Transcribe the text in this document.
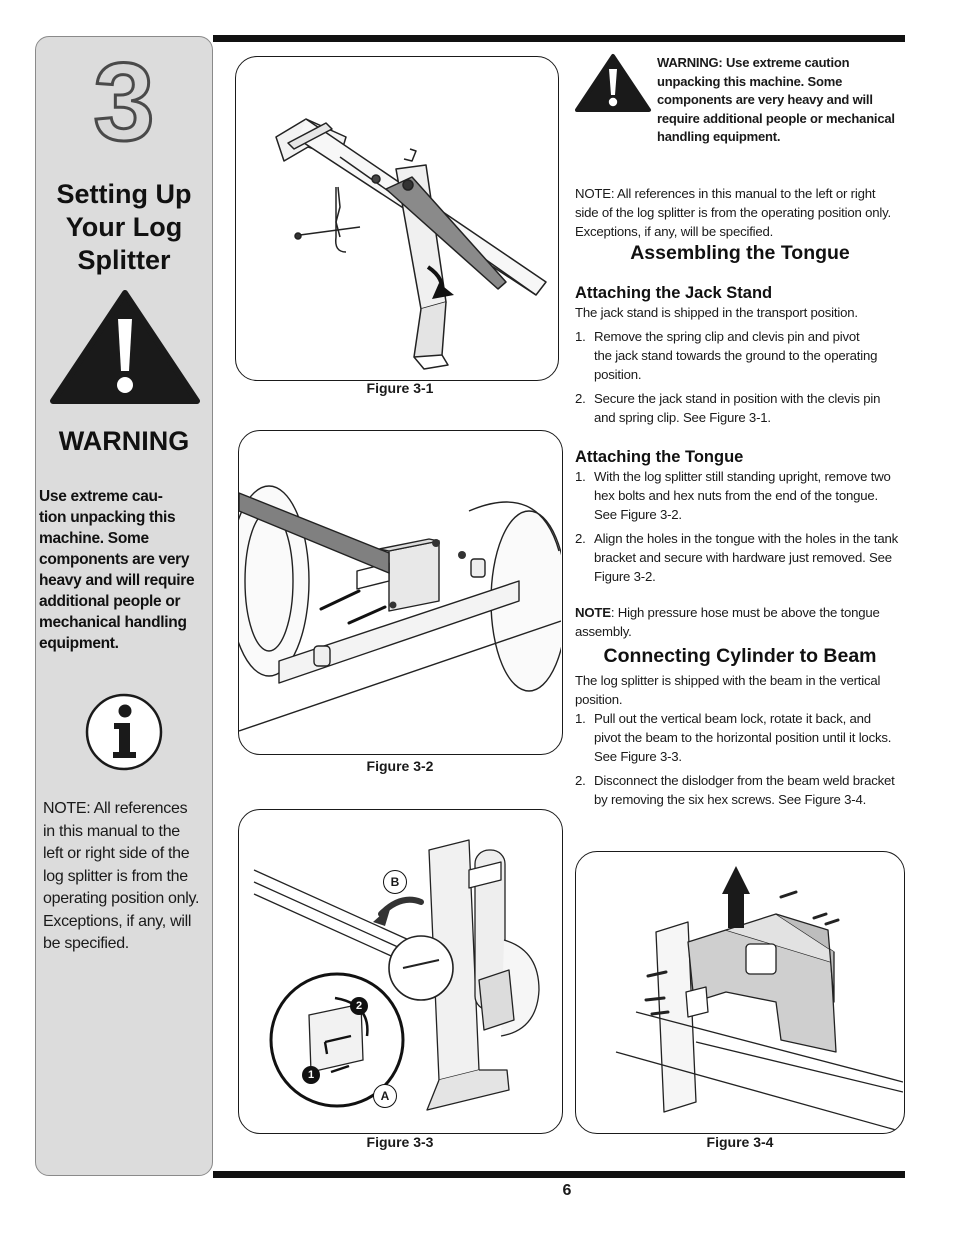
3
Setting Up
Your Log
Splitter
WARNING
Use extreme cau-
tion unpacking this
machine. Some
components are very
heavy and will require
additional people or
mechanical handling
equipment.
NOTE: All references
in this manual to the
left or right side of the
log splitter is from the
operating position only.
Exceptions, if any, will
be specified.
6
Figure 3-1
Figure 3-2
B
A
2
1
Figure 3-3	Figure 3-4
WARNING: Use extreme caution
unpacking this machine. Some
components are very heavy and will
require additional people or mechanical
handling equipment.
NOTE: All references in this manual to the left or right
side of the log splitter is from the operating position only.
Exceptions, if any, will be specified.
Assembling the Tongue
Attaching the Jack Stand
The jack stand is shipped in the transport position.
1. Remove the spring clip and clevis pin and pivot
the jack stand towards the ground to the operating
position.
2. Secure the jack stand in position with the clevis pin
and spring clip. See Figure 3-1.
Attaching the Tongue
1. With the log splitter still standing upright, remove two
hex bolts and hex nuts from the end of the tongue.
See Figure 3-2.
2. Align the holes in the tongue with the holes in the tank
bracket and secure with hardware just removed. See
Figure 3-2.
NOTE: High pressure hose must be above the tongue
assembly.
Connecting Cylinder to Beam
The log splitter is shipped with the beam in the vertical
position.
1. Pull out the vertical beam lock, rotate it back, and
pivot the beam to the horizontal position until it locks.
See Figure 3-3.
2. Disconnect the dislodger from the beam weld bracket
by removing the six hex screws. See Figure 3-4.
